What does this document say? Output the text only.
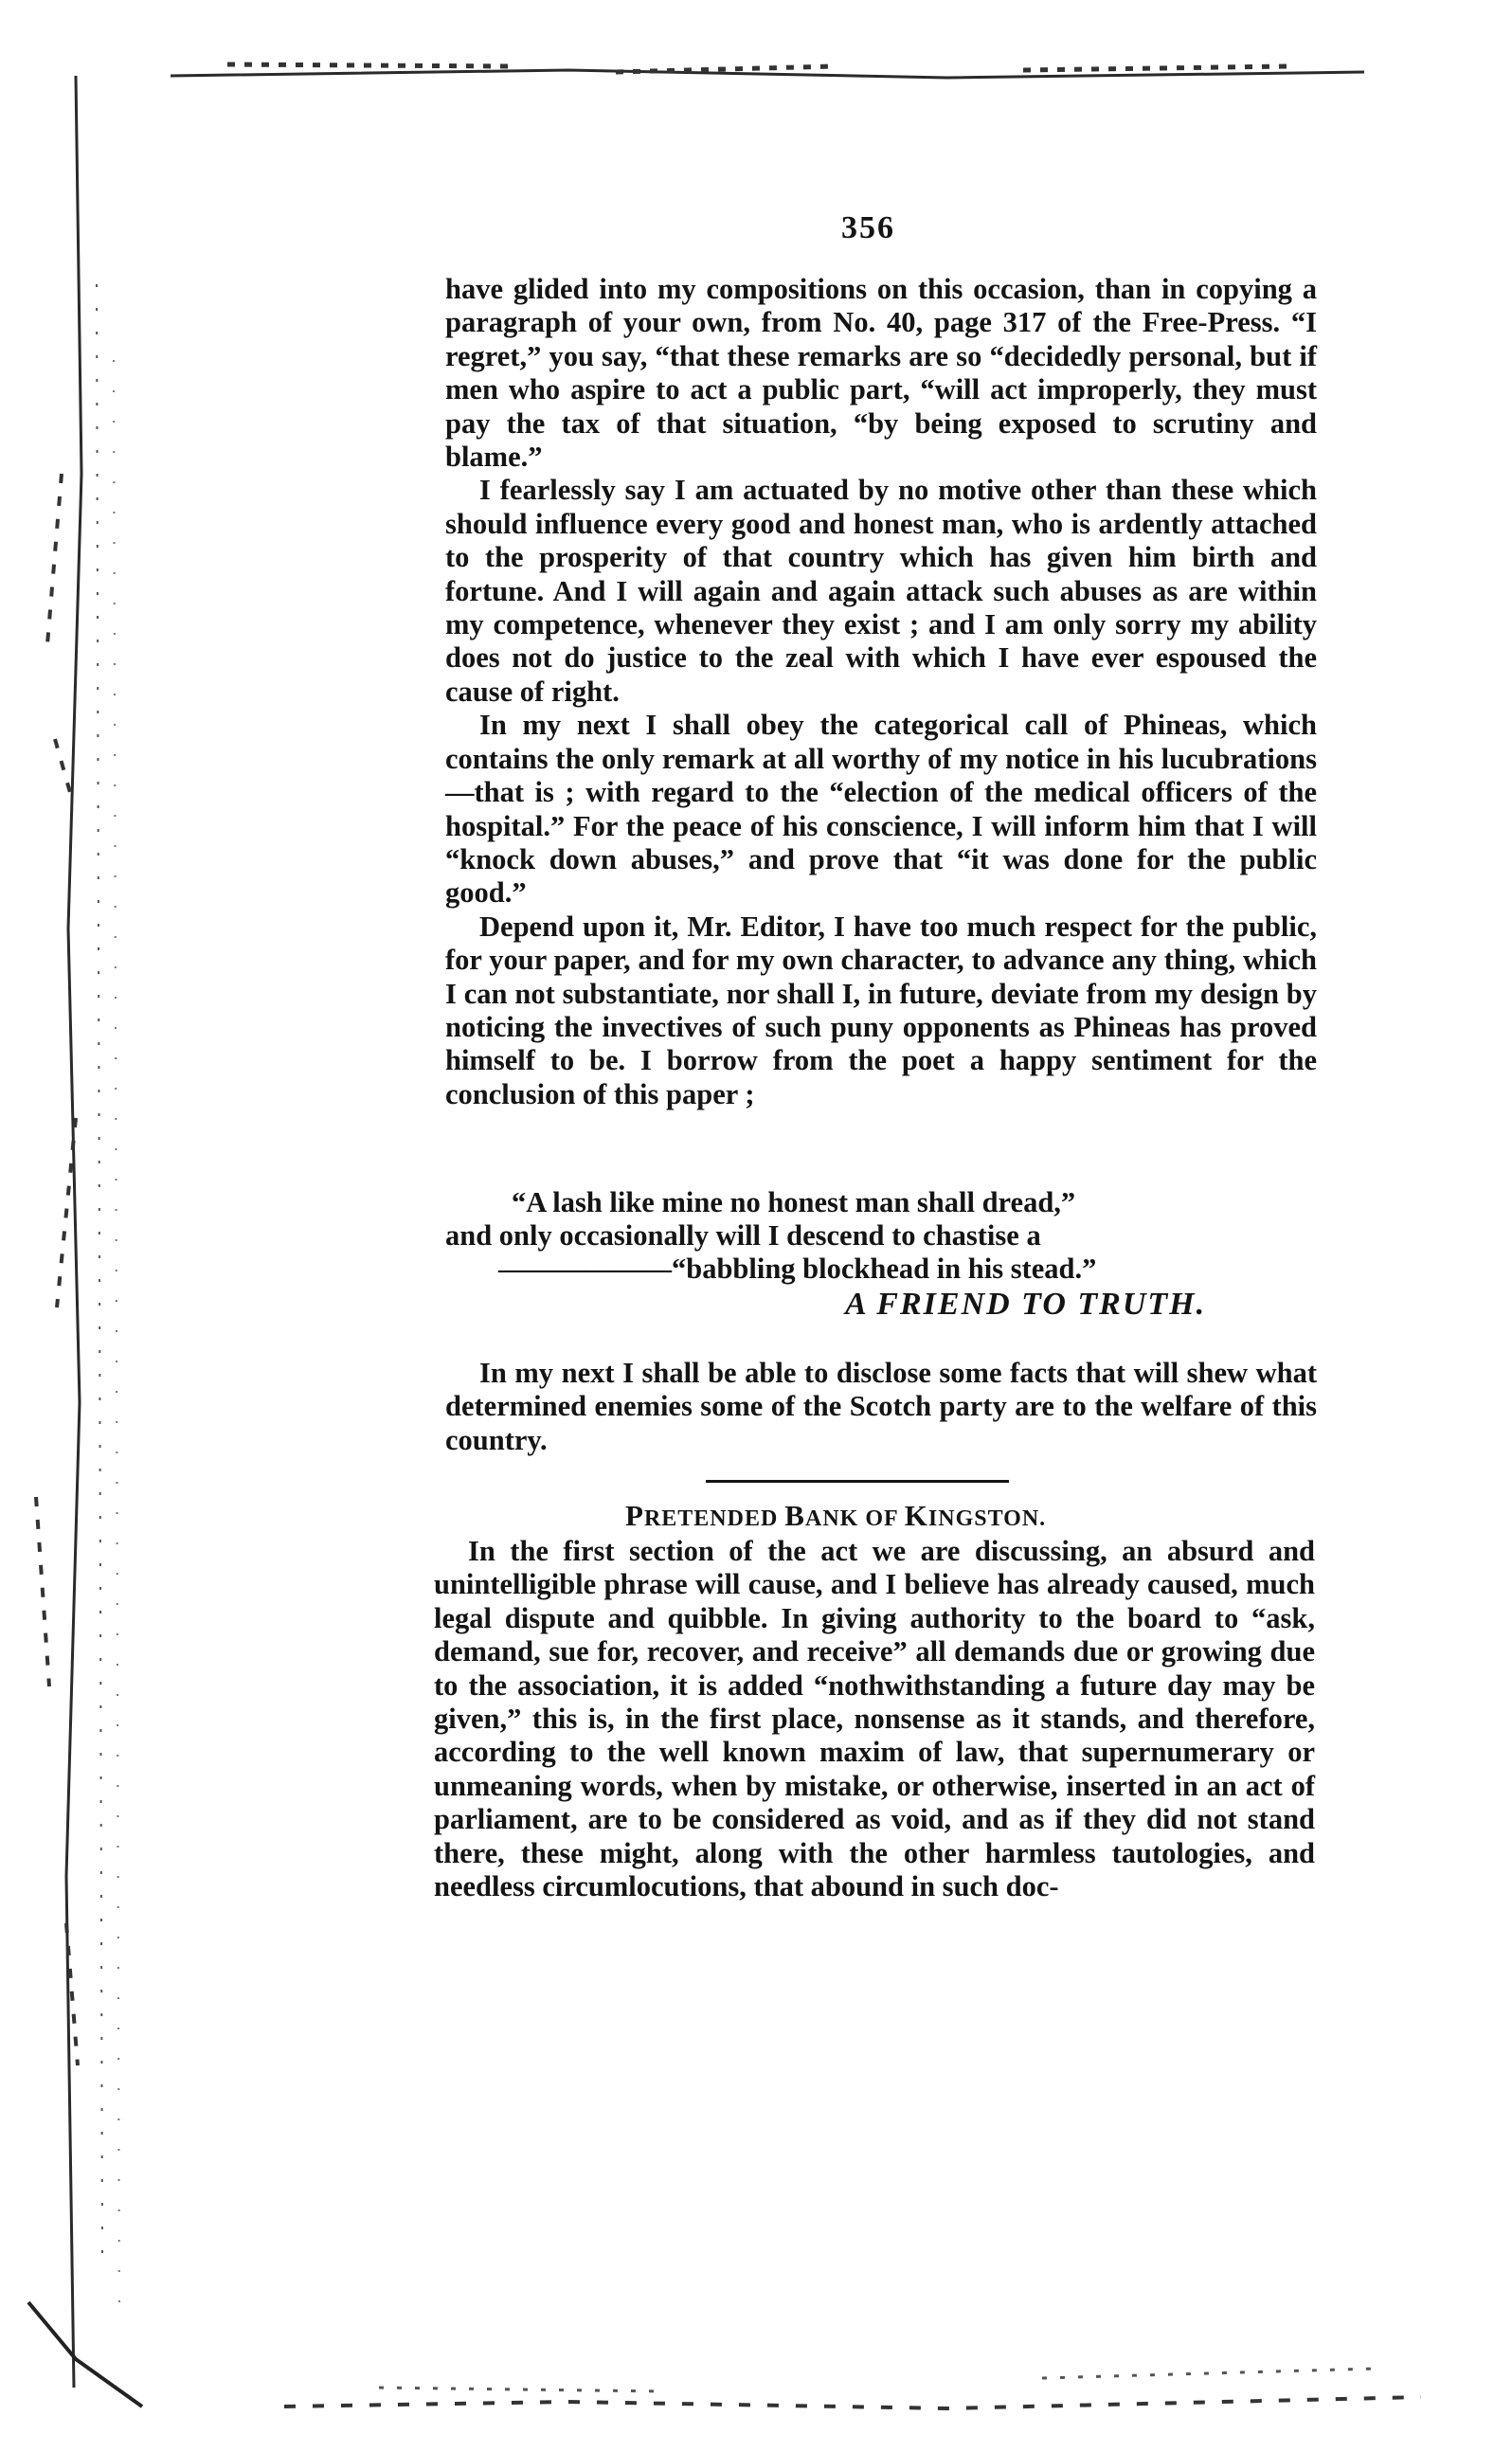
356

have glided into my compositions on this occasion, than in copying a paragraph of your own, from No. 40, page 317 of the Free-Press. “I regret,” you say, “that these remarks are so “decidedly personal, but if men who aspire to act a public part, “will act improperly, they must pay the tax of that situation, “by being exposed to scrutiny and blame.”

I fearlessly say I am actuated by no motive other than these which should influence every good and honest man, who is ardently attached to the prosperity of that country which has given him birth and fortune. And I will again and again attack such abuses as are within my competence, whenever they exist ; and I am only sorry my ability does not do justice to the zeal with which I have ever espoused the cause of right.

In my next I shall obey the categorical call of Phineas, which contains the only remark at all worthy of my notice in his lucubrations—that is ; with regard to the “election of the medical officers of the hospital.” For the peace of his conscience, I will inform him that I will “knock down abuses,” and prove that “it was done for the public good.”

Depend upon it, Mr. Editor, I have too much respect for the public, for your paper, and for my own character, to advance any thing, which I can not substantiate, nor shall I, in future, deviate from my design by noticing the invectives of such puny opponents as Phineas has proved himself to be. I borrow from the poet a happy sentiment for the conclusion of this paper ;

“A lash like mine no honest man shall dread,”
and only occasionally will I descend to chastise a
——————“babbling blockhead in his stead.”
A FRIEND TO TRUTH.

In my next I shall be able to disclose some facts that will shew what determined enemies some of the Scotch party are to the welfare of this country.

PRETENDED BANK OF KINGSTON.

In the first section of the act we are discussing, an absurd and unintelligible phrase will cause, and I believe has already caused, much legal dispute and quibble. In giving authority to the board to “ask, demand, sue for, recover, and receive” all demands due or growing due to the association, it is added “nothwithstanding a future day may be given,” this is, in the first place, nonsense as it stands, and therefore, according to the well known maxim of law, that supernumerary or unmeaning words, when by mistake, or otherwise, inserted in an act of parliament, are to be considered as void, and as if they did not stand there, these might, along with the other harmless tautologies, and needless circumlocutions, that abound in such doc-
